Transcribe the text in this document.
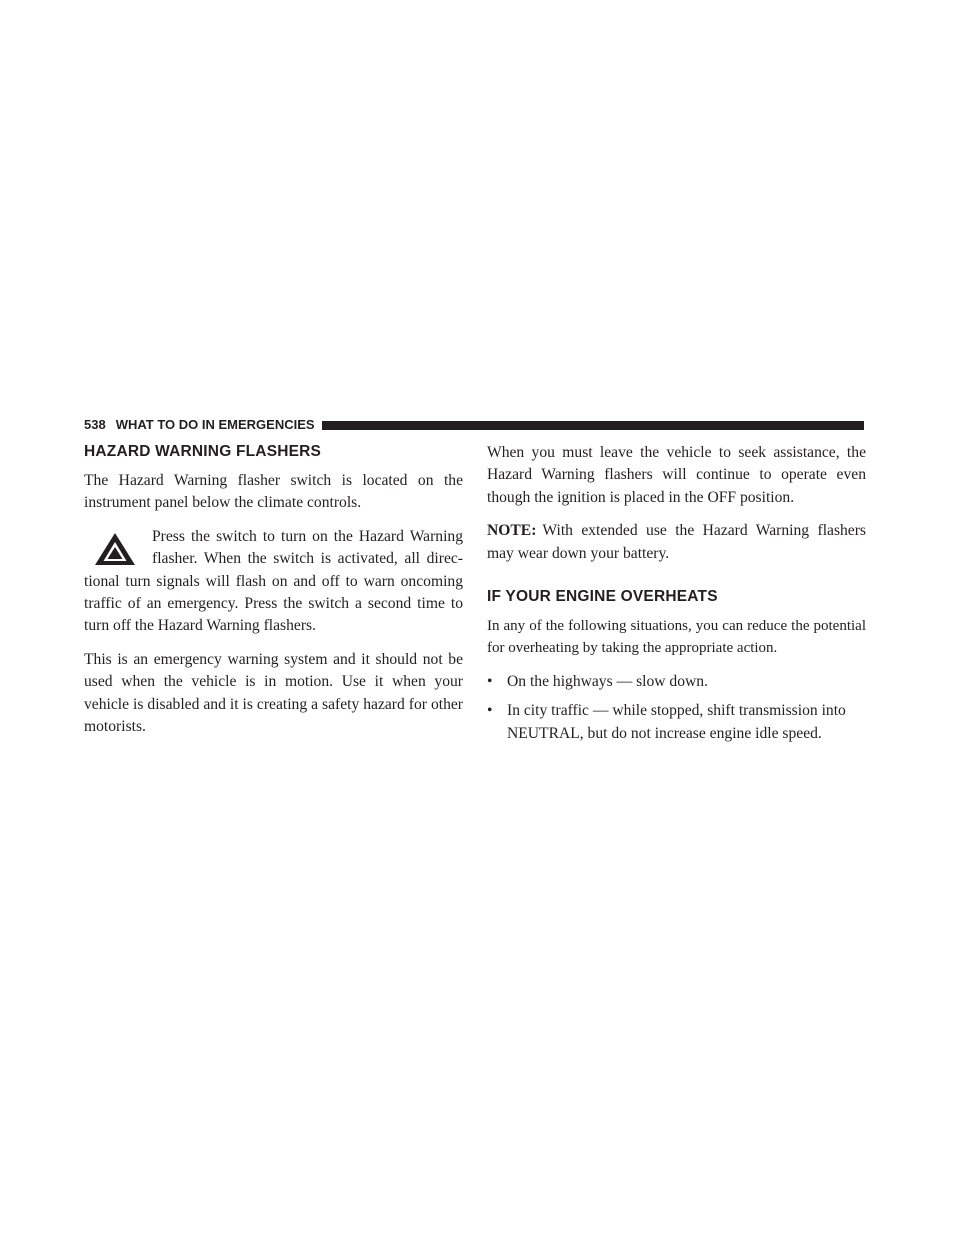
538 WHAT TO DO IN EMERGENCIES
HAZARD WARNING FLASHERS

The Hazard Warning flasher switch is located on the instrument panel below the climate controls.

Press the switch to turn on the Hazard Warning flasher. When the switch is activated, all direc-tional turn signals will flash on and off to warn oncoming traffic of an emergency. Press the switch a second time to turn off the Hazard Warning flashers.

This is an emergency warning system and it should not be used when the vehicle is in motion. Use it when your vehicle is disabled and it is creating a safety hazard for other motorists.

When you must leave the vehicle to seek assistance, the Hazard Warning flashers will continue to operate even though the ignition is placed in the OFF position.

NOTE: With extended use the Hazard Warning flashers may wear down your battery.

IF YOUR ENGINE OVERHEATS

In any of the following situations, you can reduce the potential for overheating by taking the appropriate action.

• On the highways — slow down.
• In city traffic — while stopped, shift transmission into NEUTRAL, but do not increase engine idle speed.
